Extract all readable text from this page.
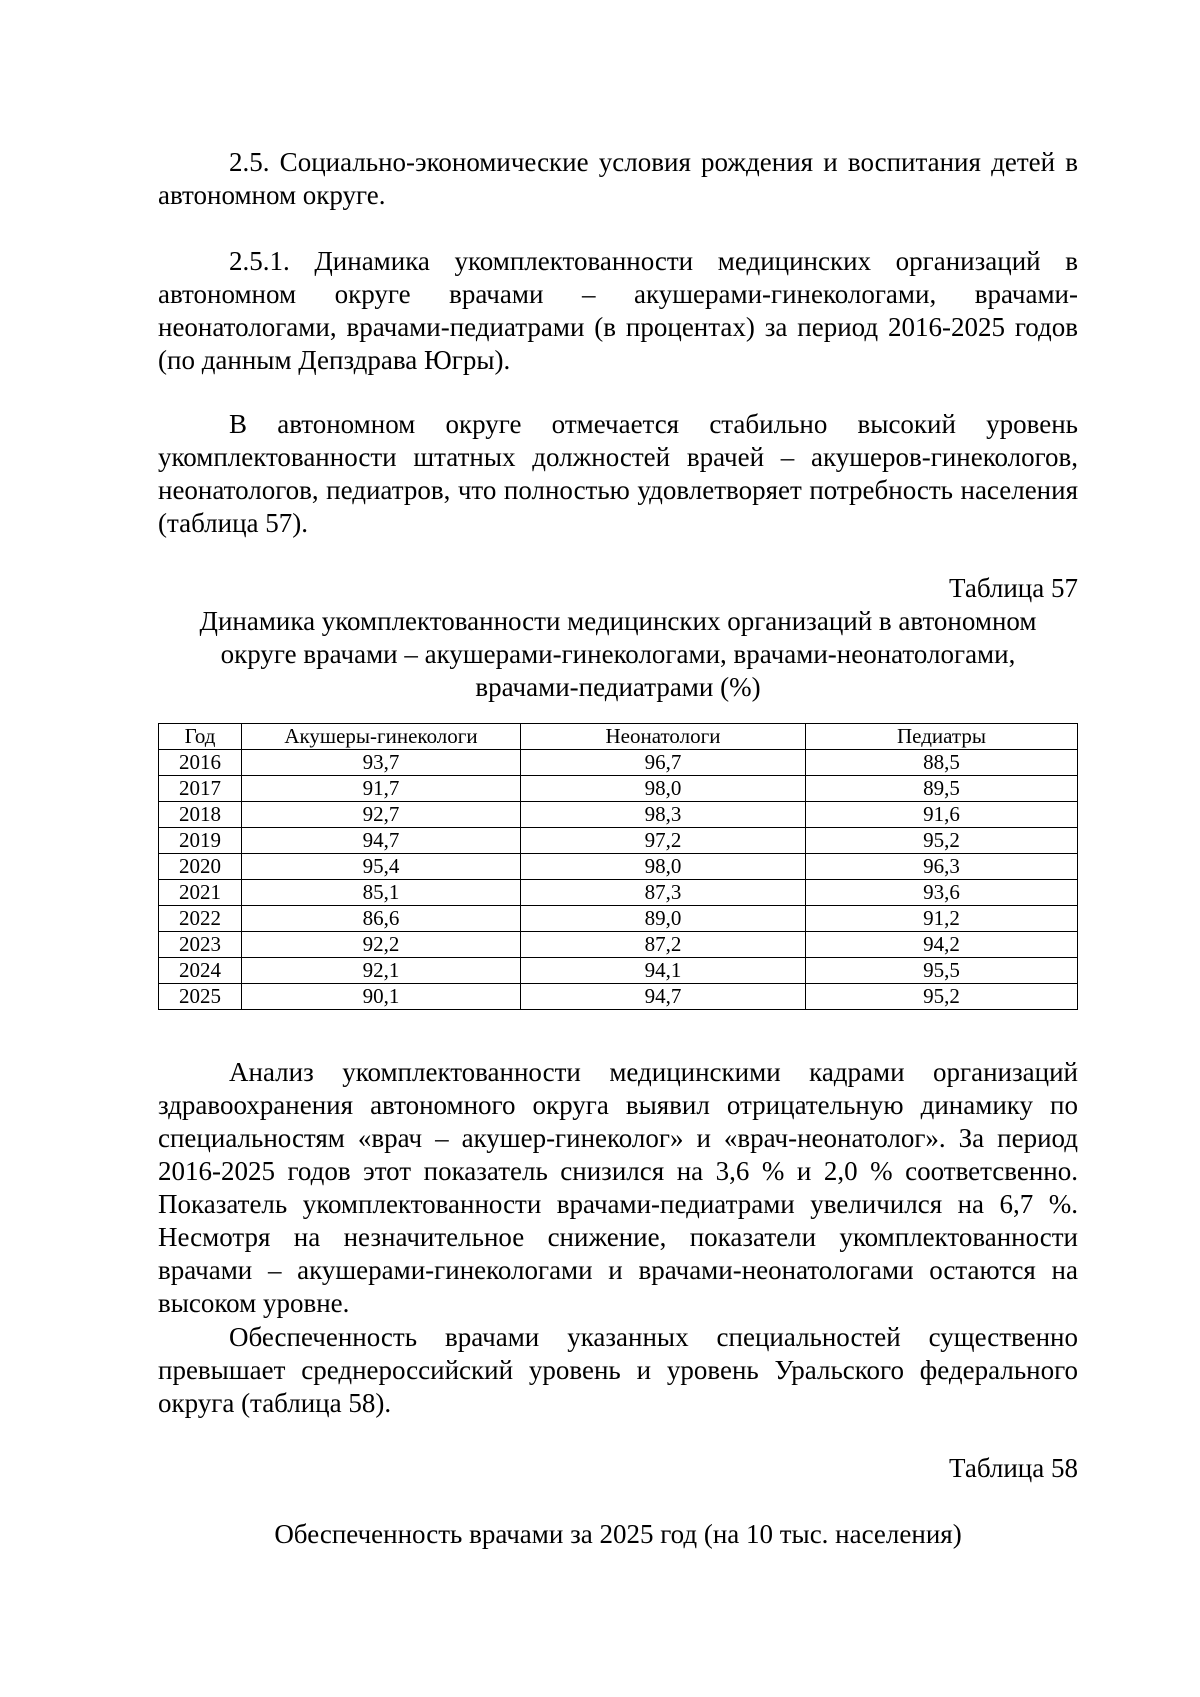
2.5. Социально-экономические условия рождения и воспитания детей в автономном округе.

2.5.1. Динамика укомплектованности медицинских организаций в автономном округе врачами – акушерами-гинекологами, врачами-неонатологами, врачами-педиатрами (в процентах) за период 2016-2025 годов (по данным Депздрава Югры).

В автономном округе отмечается стабильно высокий уровень укомплектованности штатных должностей врачей – акушеров-гинекологов, неонатологов, педиатров, что полностью удовлетворяет потребность населения (таблица 57).

Таблица 57

Динамика укомплектованности медицинских организаций в автономном

округе врачами – акушерами-гинекологами, врачами-неонатологами,

врачами-педиатрами (%)

Год	Акушеры-гинекологи	Неонатологи	Педиатры
2016	93,7	96,7	88,5
2017	91,7	98,0	89,5
2018	92,7	98,3	91,6
2019	94,7	97,2	95,2
2020	95,4	98,0	96,3
2021	85,1	87,3	93,6
2022	86,6	89,0	91,2
2023	92,2	87,2	94,2
2024	92,1	94,1	95,5
2025	90,1	94,7	95,2

Анализ укомплектованности медицинскими кадрами организаций здравоохранения автономного округа выявил отрицательную динамику по специальностям «врач – акушер-гинеколог» и «врач-неонатолог». За период 2016-2025 годов этот показатель снизился на 3,6 % и 2,0 % соответсвенно. Показатель укомплектованности врачами-педиатрами увеличился на 6,7 %. Несмотря на незначительное снижение, показатели укомплектованности врачами – акушерами-гинекологами и врачами-неонатологами остаются на высоком уровне.

Обеспеченность врачами указанных специальностей существенно превышает среднероссийский уровень и уровень Уральского федерального округа (таблица 58).

Таблица 58

Обеспеченность врачами за 2025 год (на 10 тыс. населения)
